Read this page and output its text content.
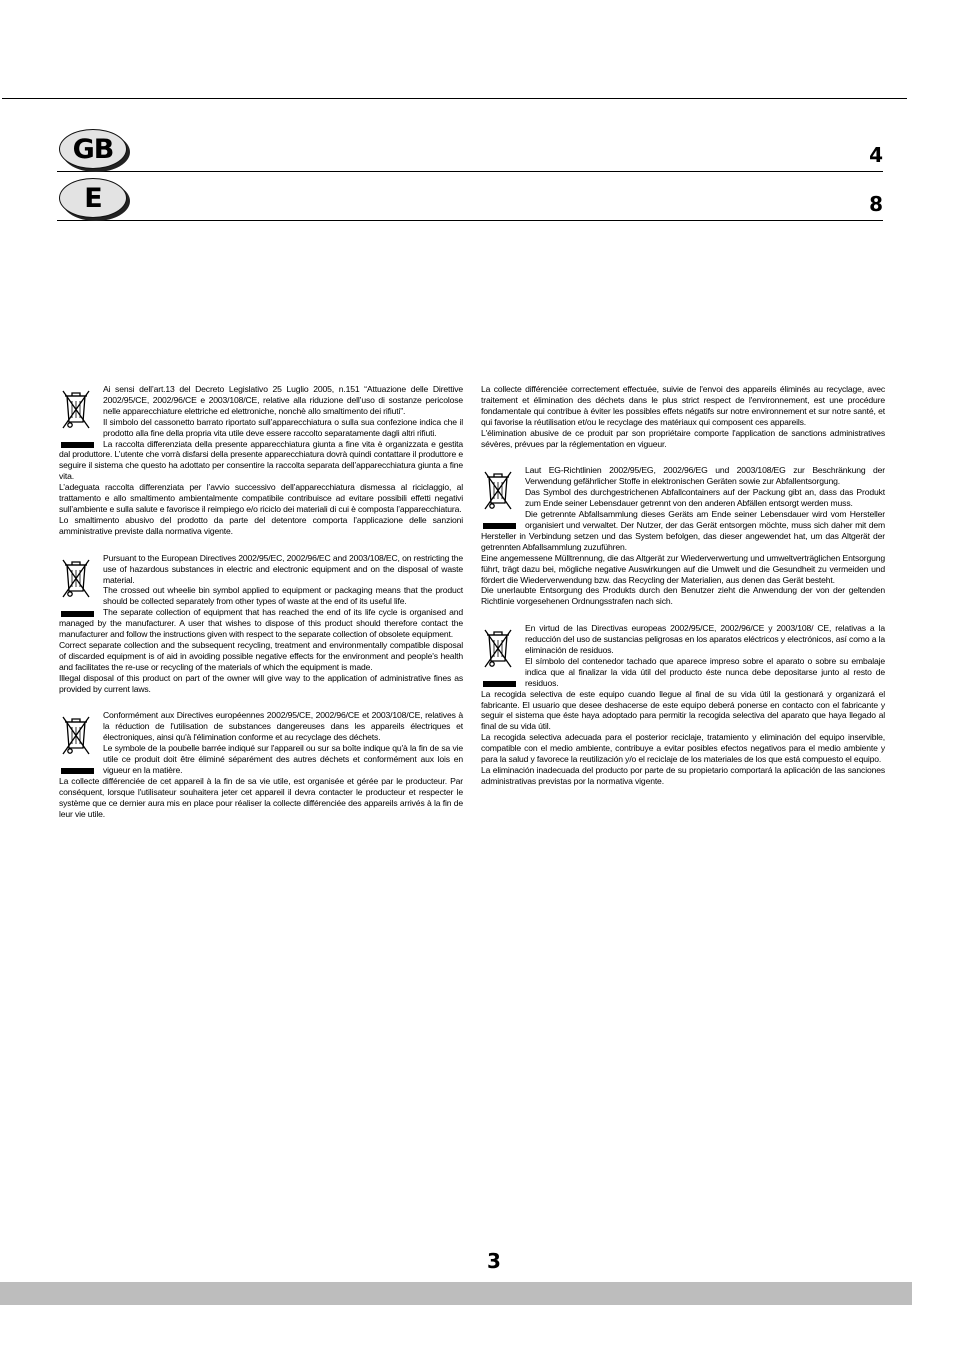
GB	4
E	8
Ai sensi dell’art.13 del Decreto Legislativo 25 Luglio 2005, n.151 “Attuazione delle Direttive 2002/95/CE, 2002/96/CE e 2003/108/CE, relative alla riduzione dell’uso di sostanze pericolose nelle apparecchiature elettriche ed elettroniche, nonchè allo smaltimento dei rifiuti”.
Il simbolo del cassonetto barrato riportato sull’apparecchiatura o sulla sua confezione indica che il prodotto alla fine della propria vita utile deve essere raccolto separatamente dagli altri rifiuti.
La raccolta differenziata della presente apparecchiatura giunta a fine vita è organizzata e gestita dal produttore. L’utente che vorrà disfarsi della presente apparecchiatura dovrà quindi contattare il produttore e seguire il sistema che questo ha adottato per consentire la raccolta separata dell’apparecchiatura giunta a fine vita.
L’adeguata raccolta differenziata per l’avvio successivo dell’apparecchiatura dismessa al riciclaggio, al trattamento e allo smaltimento ambientalmente compatibile contribuisce ad evitare possibili effetti negativi sull’ambiente e sulla salute e favorisce il reimpiego e/o riciclo dei materiali di cui è composta l’apparecchiatura.
Lo smaltimento abusivo del prodotto da parte del detentore comporta l’applicazione delle sanzioni amministrative previste dalla normativa vigente.
Pursuant to the European Directives 2002/95/EC, 2002/96/EC and 2003/108/EC, on restricting the use of hazardous substances in electric and electronic equipment and on the disposal of waste material.
The crossed out wheelie bin symbol applied to equipment or packaging means that the product should be collected separately from other types of waste at the end of its useful life.
The separate collection of equipment that has reached the end of its life cycle is organised and managed by the manufacturer. A user that wishes to dispose of this product should therefore contact the manufacturer and follow the instructions given with respect to the separate collection of obsolete equipment.
Correct separate collection and the subsequent recycling, treatment and environmentally compatible disposal of discarded equipment is of aid in avoiding possible negative effects for the environment and people's health and facilitates the re-use or recycling of the materials of which the equipment is made.
Illegal disposal of this product on part of the owner will give way to the application of administrative fines as provided by current laws.
Conformément aux Directives européennes 2002/95/CE, 2002/96/CE et 2003/108/CE, relatives à la réduction de l'utilisation de substances dangereuses dans les appareils électriques et électroniques, ainsi qu'à l'élimination conforme et au recyclage des déchets.
Le symbole de la poubelle barrée indiqué sur l'appareil ou sur sa boîte indique qu'à la fin de sa vie utile ce produit doit être éliminé séparément des autres déchets et conformément aux lois en vigueur en la matière.
La collecte différenciée de cet appareil à la fin de sa vie utile, est organisée et gérée par le producteur. Par conséquent, lorsque l'utilisateur souhaitera jeter cet appareil il devra contacter le producteur et respecter le système que ce dernier aura mis en place pour réaliser la collecte différenciée des appareils arrivés à la fin de leur vie utile.
La collecte différenciée correctement effectuée, suivie de l'envoi des appareils éliminés au recyclage, avec traitement et élimination des déchets dans le plus strict respect de l'environnement, est une procédure fondamentale qui contribue à éviter les possibles effets négatifs sur notre environnement et sur notre santé, et qui favorise la réutilisation et/ou le recyclage des matériaux qui composent ces appareils.
L'élimination abusive de ce produit par son propriétaire comporte l'application de sanctions administratives sévères, prévues par la réglementation en vigueur.
Laut EG-Richtlinien 2002/95/EG, 2002/96/EG und 2003/108/EG zur Beschränkung der Verwendung gefährlicher Stoffe in elektronischen Geräten sowie zur Abfallentsorgung.
Das Symbol des durchgestrichenen Abfallcontainers auf der Packung gibt an, dass das Produkt zum Ende seiner Lebensdauer getrennt von den anderen Abfällen entsorgt werden muss.
Die getrennte Abfallsammlung dieses Geräts am Ende seiner Lebensdauer wird vom Hersteller organisiert und verwaltet. Der Nutzer, der das Gerät entsorgen möchte, muss sich daher mit dem Hersteller in Verbindung setzen und das System befolgen, das dieser angewendet hat, um das Altgerät der getrennten Abfallsammlung zuzuführen.
Eine angemessene Mülltrennung, die das Altgerät zur Wiederverwertung und umweltverträglichen Entsorgung führt, trägt dazu bei, mögliche negative Auswirkungen auf die Umwelt und die Gesundheit zu vermeiden und fördert die Wiederverwendung bzw. das Recycling der Materialien, aus denen das Gerät besteht.
Die unerlaubte Entsorgung des Produkts durch den Benutzer zieht die Anwendung der von der geltenden Richtlinie vorgesehenen Ordnungsstrafen nach sich.
En virtud de las Directivas europeas 2002/95/CE, 2002/96/CE y 2003/108/ CE, relativas a la reducción del uso de sustancias peligrosas en los aparatos eléctricos y electrónicos, así como a la eliminación de residuos.
El símbolo del contenedor tachado que aparece impreso sobre el aparato o sobre su embalaje indica que al finalizar la vida útil del producto éste nunca debe depositarse junto al resto de residuos.
La recogida selectiva de este equipo cuando llegue al final de su vida útil la gestionará y organizará el fabricante. El usuario que desee deshacerse de este equipo deberá ponerse en contacto con el fabricante y seguir el sistema que éste haya adoptado para permitir la recogida selectiva del aparato que haya llegado al final de su vida útil.
La recogida selectiva adecuada para el posterior reciclaje, tratamiento y eliminación del equipo inservible, compatible con el medio ambiente, contribuye a evitar posibles efectos negativos para el medio ambiente y para la salud y favorece la reutilización y/o el reciclaje de los materiales de los que está compuesto el equipo.
La eliminación inadecuada del producto por parte de su propietario comportará la aplicación de las sanciones administrativas previstas por la normativa vigente.
3
